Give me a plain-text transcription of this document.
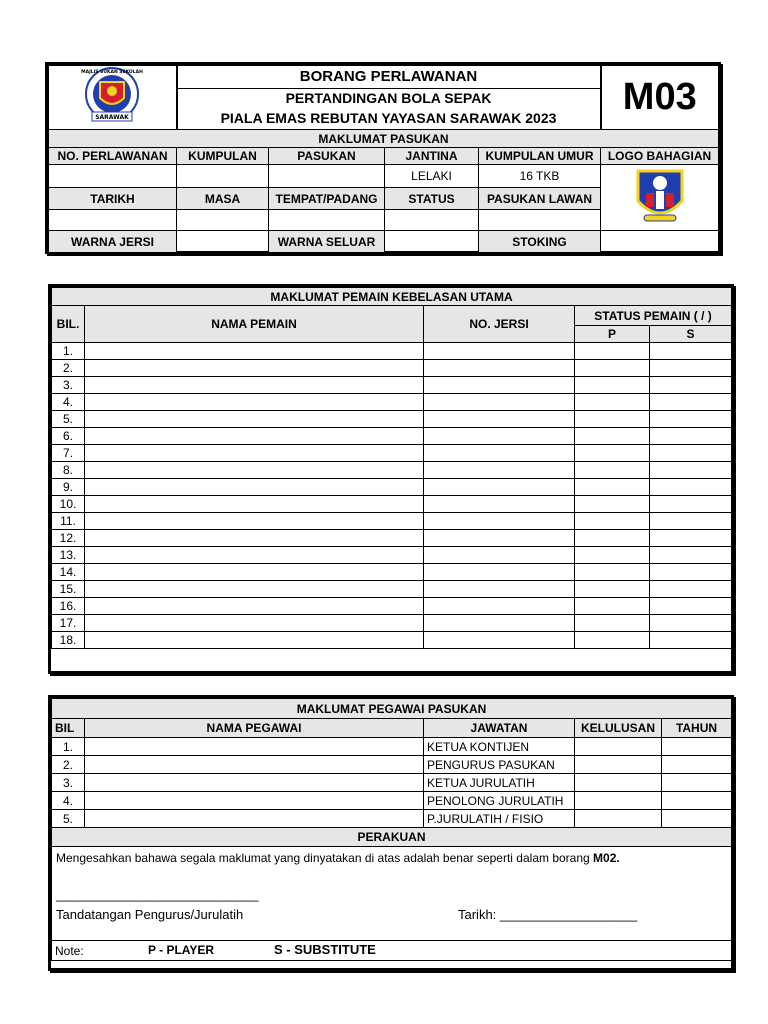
SARAWAK
MAJLIS SUKAN SEKOLAH	BORANG PERLAWANAN				M03
	PERTANDINGAN BOLA SEPAK				
	PIALA EMAS REBUTAN YAYASAN SARAWAK 2023				
MAKLUMAT PASUKAN					
NO. PERLAWANAN	KUMPULAN	PASUKAN	JANTINA	KUMPULAN UMUR	LOGO BAHAGIAN
			LELAKI	16 TKB	
TARIKH	MASA	TEMPAT/PADANG	STATUS	PASUKAN LAWAN	

WARNA JERSI		WARNA SELUAR		STOKING	
MAKLUMAT PEMAIN KEBELASAN UTAMA				
BIL.	NAMA PEMAIN	NO. JERSI	STATUS PEMAIN ( / )	
			P	S
1.				
2.				
3.				
4.				
5.				
6.				
7.				
8.				
9.				
10.				
11.				
12.				
13.				
14.				
15.				
16.				
17.				
18.				
MAKLUMAT PEGAWAI PASUKAN				
BIL	NAMA PEGAWAI	JAWATAN	KELULUSAN	TAHUN
1.		KETUA KONTIJEN		
2.		PENGURUS PASUKAN		
3.		KETUA JURULATIH		
4.		PENOLONG JURULATIH		
5.		P.JURULATIH / FISIO		
PERAKUAN				

Mengesahkan bahawa segala maklumat yang dinyatakan di atas adalah benar seperti dalam borang M02.
____________________________
Tandatangan Pengurus/Jurulatih Tarikh: ___________________				

Note: P - PLAYER S - SUBSTITUTE				
